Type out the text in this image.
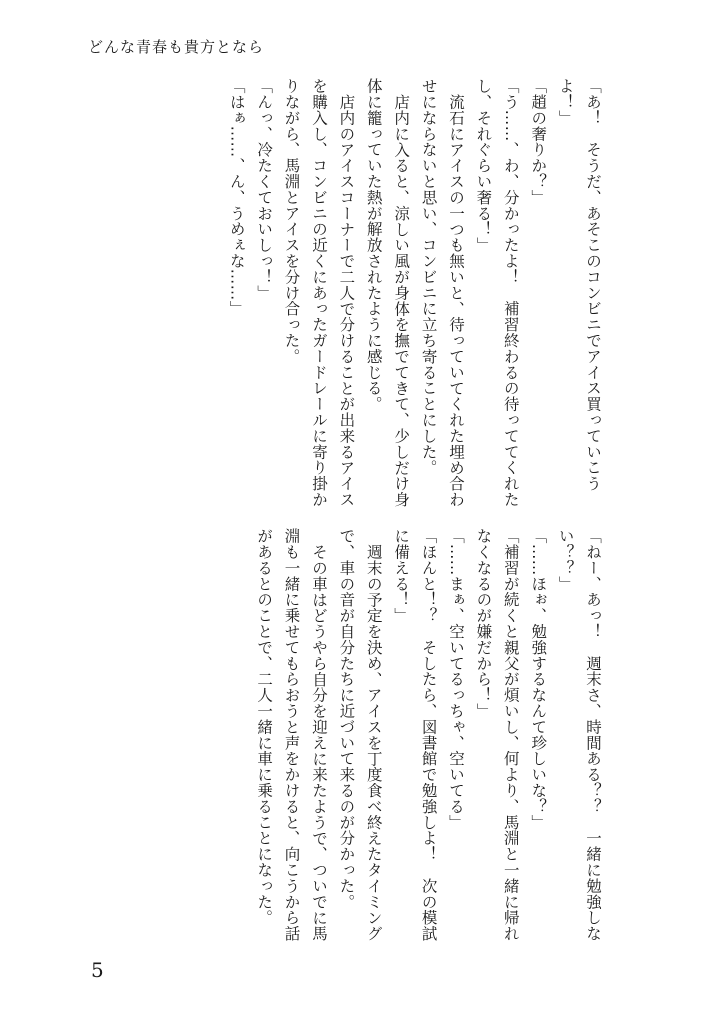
どんな青春も貴方となら

「あ！　そうだ、あそこのコンビニでアイス買っていこうよ！」

「趙の奢りか？」

「う……、わ、分かったよ！　補習終わるの待っててくれたし、それぐらい奢る！」

流石にアイスの一つも無いと、待っていてくれた埋め合わせにならないと思い、コンビニに立ち寄ることにした。

店内に入ると、涼しい風が身体を撫でてきて、少しだけ身体に籠っていた熱が解放されたように感じる。

店内のアイスコーナーで二人で分けることが出来るアイスを購入し、コンビニの近くにあったガードレールに寄り掛かりながら、馬淵とアイスを分け合った。

「んっ、冷たくておいしっ！」

「はぁ……、ん、うめぇな……」

「ねー、あっ！　週末さ、時間ある？？　一緒に勉強しない？？」

「……ほぉ、勉強するなんて珍しいな？」

「補習が続くと親父が煩いし、何より、馬淵と一緒に帰れなくなるのが嫌だから！」

「……まぁ、空いてるっちゃ、空いてる」

「ほんと！？　そしたら、図書館で勉強しよ！　次の模試に備える！」

週末の予定を決め、アイスを丁度食べ終えたタイミングで、車の音が自分たちに近づいて来るのが分かった。

その車はどうやら自分を迎えに来たようで、ついでに馬淵も一緒に乗せてもらおうと声をかけると、向こうから話があるとのことで、二人一緒に車に乗ることになった。

5
